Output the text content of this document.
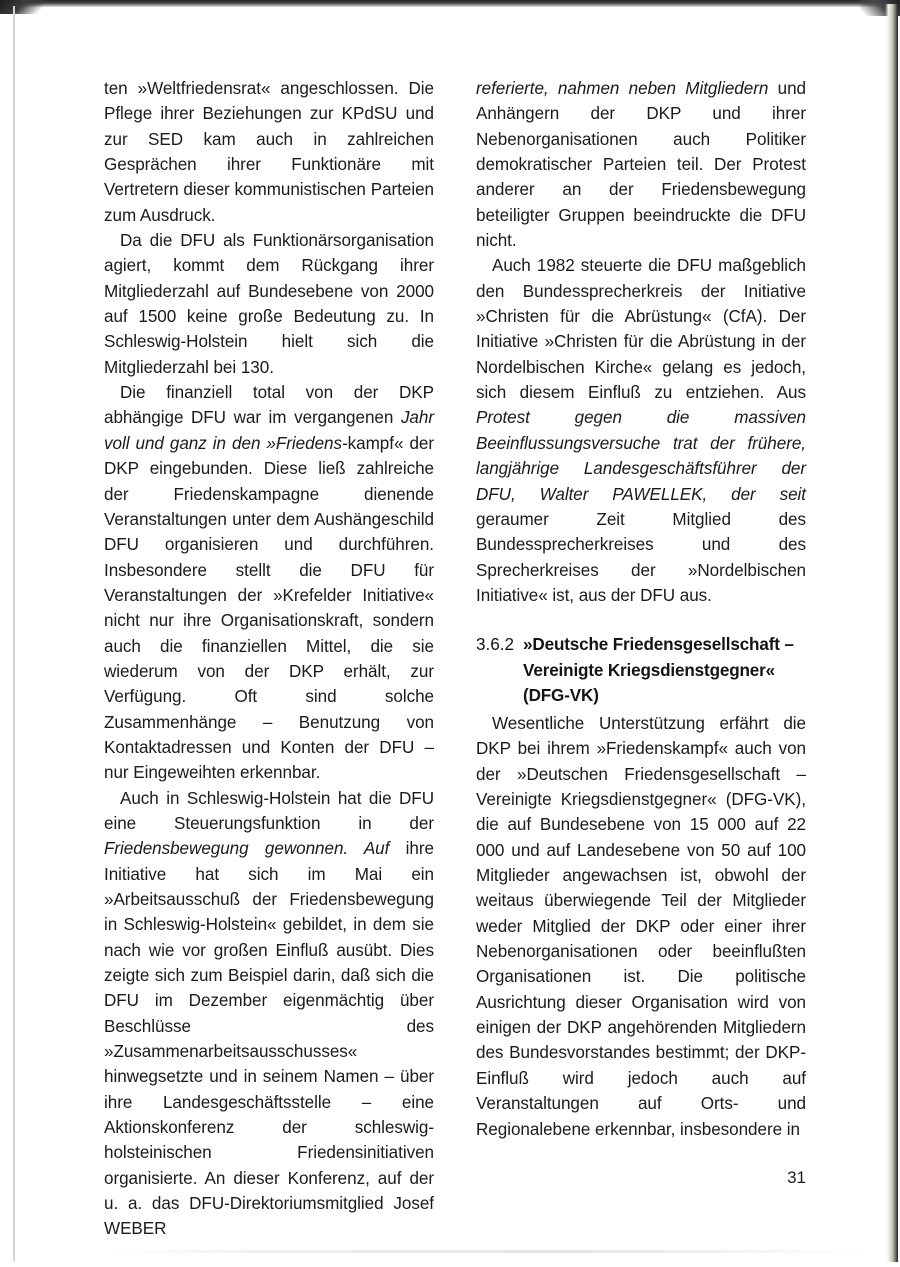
ten »Weltfriedensrat« angeschlossen. Die Pflege ihrer Beziehungen zur KPdSU und zur SED kam auch in zahlreichen Gesprächen ihrer Funktionäre mit Vertretern dieser kommunistischen Parteien zum Ausdruck.

Da die DFU als Funktionärsorganisation agiert, kommt dem Rückgang ihrer Mitgliederzahl auf Bundesebene von 2000 auf 1500 keine große Bedeutung zu. In Schleswig-Holstein hielt sich die Mitgliederzahl bei 130.

Die finanziell total von der DKP abhängige DFU war im vergangenen Jahr voll und ganz in den »Friedens-kampf« der DKP eingebunden. Diese ließ zahlreiche der Friedenskampagne dienende Veranstaltungen unter dem Aushängeschild DFU organisieren und durchführen. Insbesondere stellt die DFU für Veranstaltungen der »Krefelder Initiative« nicht nur ihre Organisationskraft, sondern auch die finanziellen Mittel, die sie wiederum von der DKP erhält, zur Verfügung. Oft sind solche Zusammenhänge – Benutzung von Kontaktadressen und Konten der DFU – nur Eingeweihten erkennbar.

Auch in Schleswig-Holstein hat die DFU eine Steuerungsfunktion in der Friedensbewegung gewonnen. Auf ihre Initiative hat sich im Mai ein »Arbeitsausschuß der Friedensbewegung in Schleswig-Holstein« gebildet, in dem sie nach wie vor großen Einfluß ausübt. Dies zeigte sich zum Beispiel darin, daß sich die DFU im Dezember eigenmächtig über Beschlüsse des »Zusammenarbeitsausschusses« hinwegsetzte und in seinem Namen – über ihre Landesgeschäftsstelle – eine Aktionskonferenz der schleswig-holsteinischen Friedensinitiativen organisierte. An dieser Konferenz, auf der u. a. das DFU-Direktoriumsmitglied Josef WEBER

referierte, nahmen neben Mitgliedern und Anhängern der DKP und ihrer Nebenorganisationen auch Politiker demokratischer Parteien teil. Der Protest anderer an der Friedensbewegung beteiligter Gruppen beeindruckte die DFU nicht.

Auch 1982 steuerte die DFU maßgeblich den Bundessprecherkreis der Initiative »Christen für die Abrüstung« (CfA). Der Initiative »Christen für die Abrüstung in der Nordelbischen Kirche« gelang es jedoch, sich diesem Einfluß zu entziehen. Aus Protest gegen die massiven Beeinflussungsversuche trat der frühere, langjährige Landesgeschäftsführer der DFU, Walter PAWELLEK, der seit geraumer Zeit Mitglied des Bundessprecherkreises und des Sprecherkreises der »Nordelbischen Initiative« ist, aus der DFU aus.

3.6.2 »Deutsche Friedensgesellschaft – Vereinigte Kriegsdienstgegner« (DFG-VK)

Wesentliche Unterstützung erfährt die DKP bei ihrem »Friedenskampf« auch von der »Deutschen Friedensgesellschaft – Vereinigte Kriegsdienstgegner« (DFG-VK), die auf Bundesebene von 15 000 auf 22 000 und auf Landesebene von 50 auf 100 Mitglieder angewachsen ist, obwohl der weitaus überwiegende Teil der Mitglieder weder Mitglied der DKP oder einer ihrer Nebenorganisationen oder beeinflußten Organisationen ist. Die politische Ausrichtung dieser Organisation wird von einigen der DKP angehörenden Mitgliedern des Bundesvorstandes bestimmt; der DKP-Einfluß wird jedoch auch auf Veranstaltungen auf Orts- und Regionalebene erkennbar, insbesondere in

31
